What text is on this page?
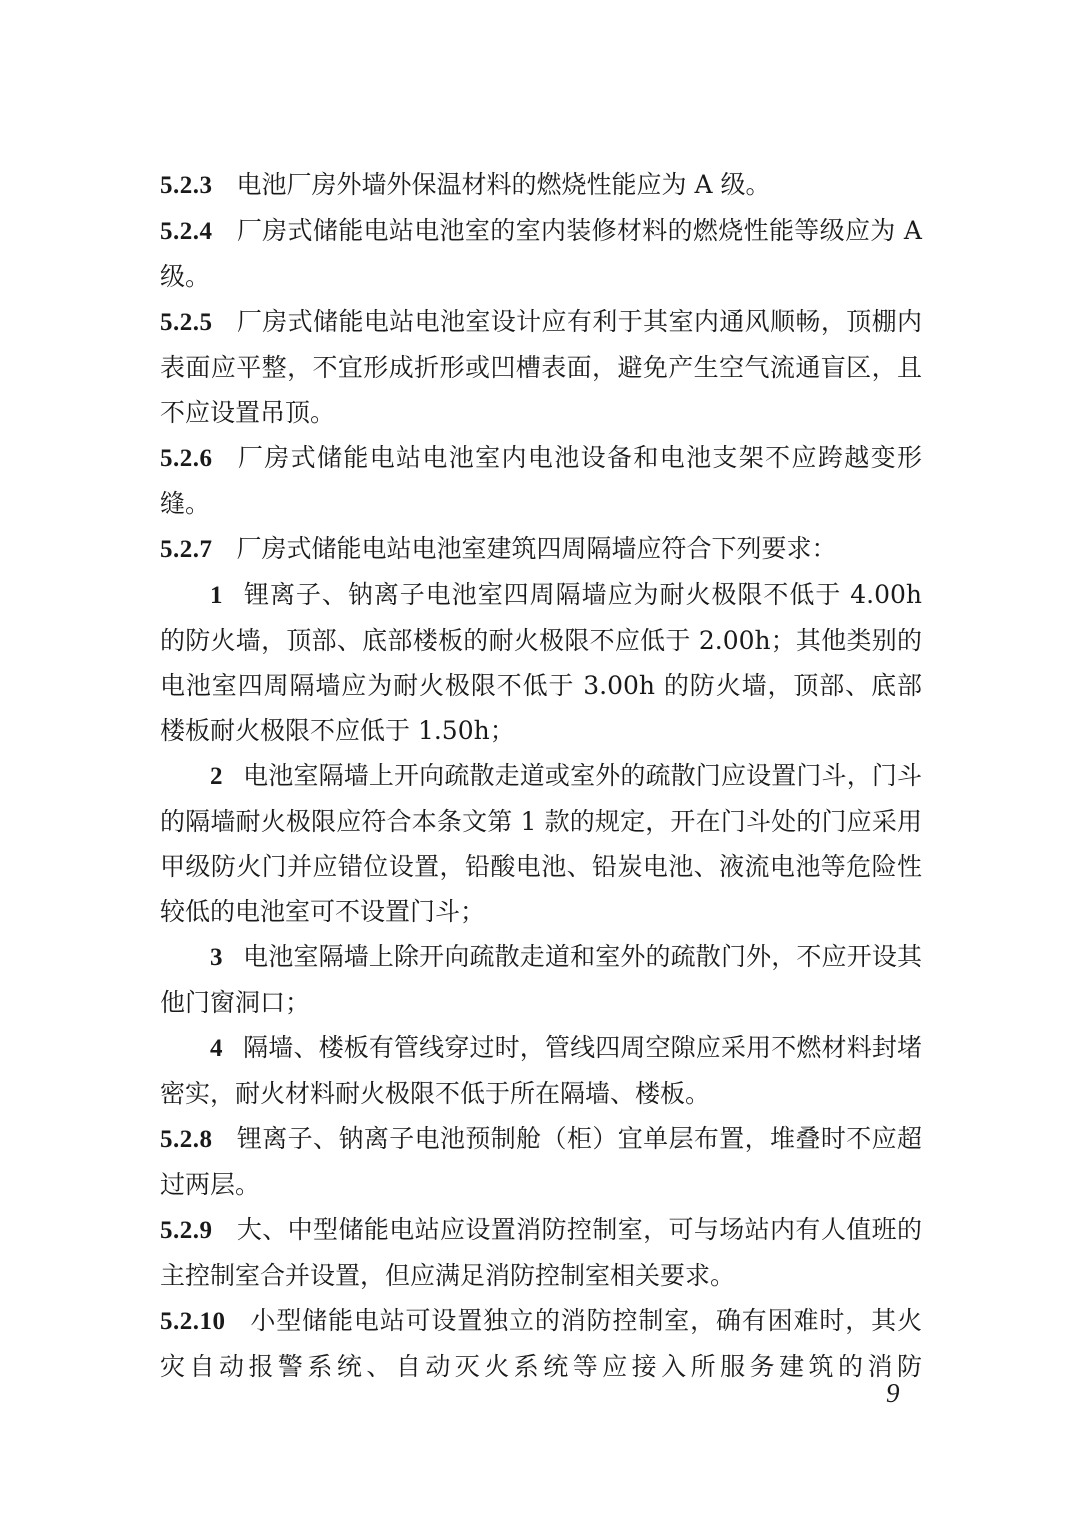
5.2.3 电池厂房外墙外保温材料的燃烧性能应为 A 级。

5.2.4 厂房式储能电站电池室的室内装修材料的燃烧性能等级应为 A 级。

5.2.5 厂房式储能电站电池室设计应有利于其室内通风顺畅，顶棚内表面应平整，不宜形成折形或凹槽表面，避免产生空气流通盲区，且不应设置吊顶。

5.2.6 厂房式储能电站电池室内电池设备和电池支架不应跨越变形缝。

5.2.7 厂房式储能电站电池室建筑四周隔墙应符合下列要求：

1 锂离子、钠离子电池室四周隔墙应为耐火极限不低于 4.00h 的防火墙，顶部、底部楼板的耐火极限不应低于 2.00h；其他类别的电池室四周隔墙应为耐火极限不低于 3.00h 的防火墙，顶部、底部楼板耐火极限不应低于 1.50h；

2 电池室隔墙上开向疏散走道或室外的疏散门应设置门斗，门斗的隔墙耐火极限应符合本条文第 1 款的规定，开在门斗处的门应采用甲级防火门并应错位设置，铅酸电池、铅炭电池、液流电池等危险性较低的电池室可不设置门斗；

3 电池室隔墙上除开向疏散走道和室外的疏散门外，不应开设其他门窗洞口；

4 隔墙、楼板有管线穿过时，管线四周空隙应采用不燃材料封堵密实，耐火材料耐火极限不低于所在隔墙、楼板。

5.2.8 锂离子、钠离子电池预制舱（柜）宜单层布置，堆叠时不应超过两层。

5.2.9 大、中型储能电站应设置消防控制室，可与场站内有人值班的主控制室合并设置，但应满足消防控制室相关要求。

5.2.10 小型储能电站可设置独立的消防控制室，确有困难时，其火灾自动报警系统、自动灭火系统等应接入所服务建筑的消防

9
